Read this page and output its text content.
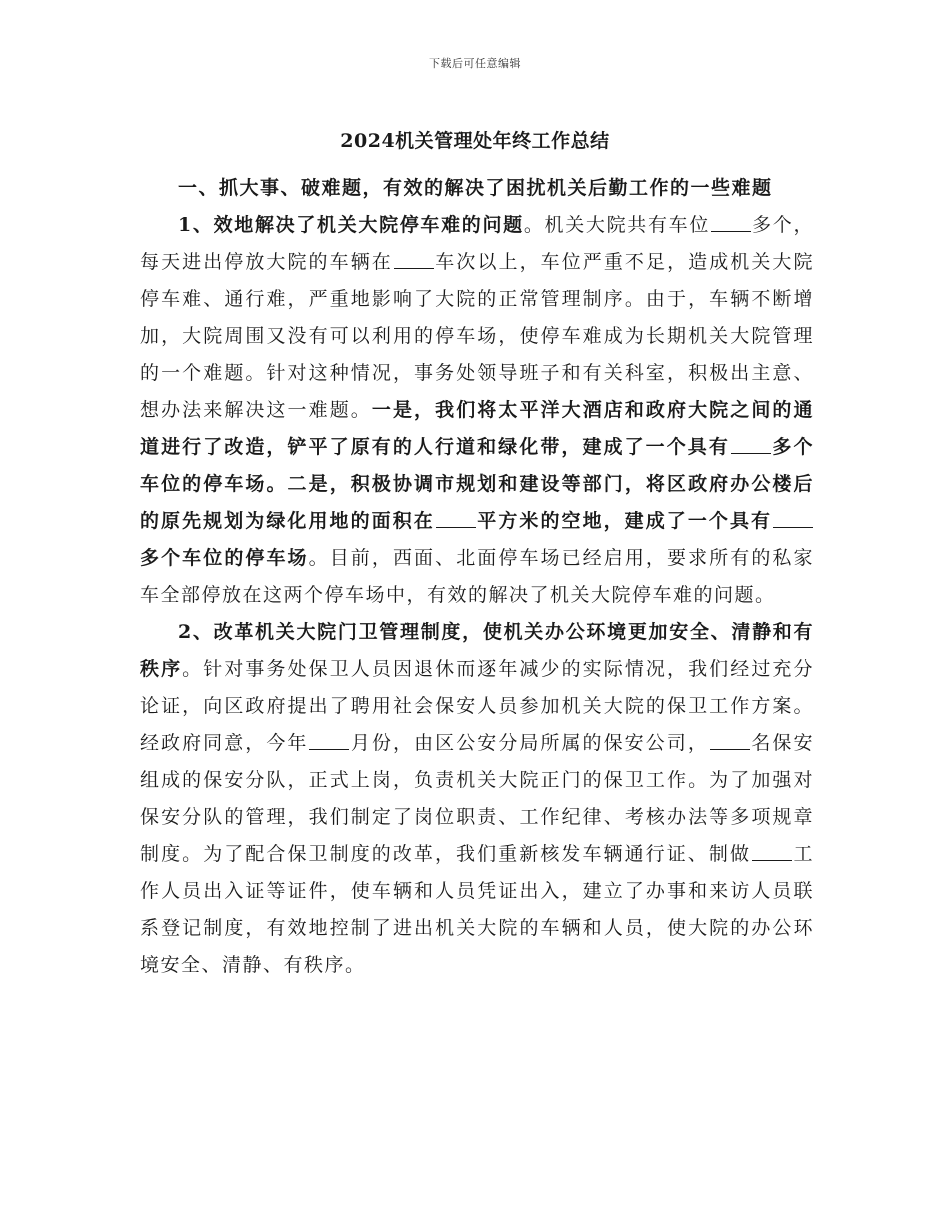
下载后可任意编辑
2024机关管理处年终工作总结

一、抓大事、破难题，有效的解决了困扰机关后勤工作的一些难题

1、效地解决了机关大院停车难的问题。机关大院共有车位 多个，每天进出停放大院的车辆在 车次以上，车位严重不足，造成机关大院停车难、通行难，严重地影响了大院的正常管理制序。由于，车辆不断增加，大院周围又没有可以利用的停车场，使停车难成为长期机关大院管理的一个难题。针对这种情况，事务处领导班子和有关科室，积极出主意、想办法来解决这一难题。一是，我们将太平洋大酒店和政府大院之间的通道进行了改造，铲平了原有的人行道和绿化带，建成了一个具有 多个车位的停车场。二是，积极协调市规划和建设等部门，将区政府办公楼后的原先规划为绿化用地的面积在 平方米的空地，建成了一个具有多个车位的停车场。目前，西面、北面停车场已经启用，要求所有的私家车全部停放在这两个停车场中，有效的解决了机关大院停车难的问题。

2、改革机关大院门卫管理制度，使机关办公环境更加安全、清静和有秩序。针对事务处保卫人员因退休而逐年减少的实际情况，我们经过充分论证，向区政府提出了聘用社会保安人员参加机关大院的保卫工作方案。经政府同意，今年 月份，由区公安分局所属的保安公司， 名保安组成的保安分队，正式上岗，负责机关大院正门的保卫工作。为了加强对保安分队的管理，我们制定了岗位职责、工作纪律、考核办法等多项规章制度。为了配合保卫制度的改革，我们重新核发车辆通行证、制做 工作人员出入证等证件，使车辆和人员凭证出入，建立了办事和来访人员联系登记制度，有效地控制了进出机关大院的车辆和人员，使大院的办公环境安全、清静、有秩序。
